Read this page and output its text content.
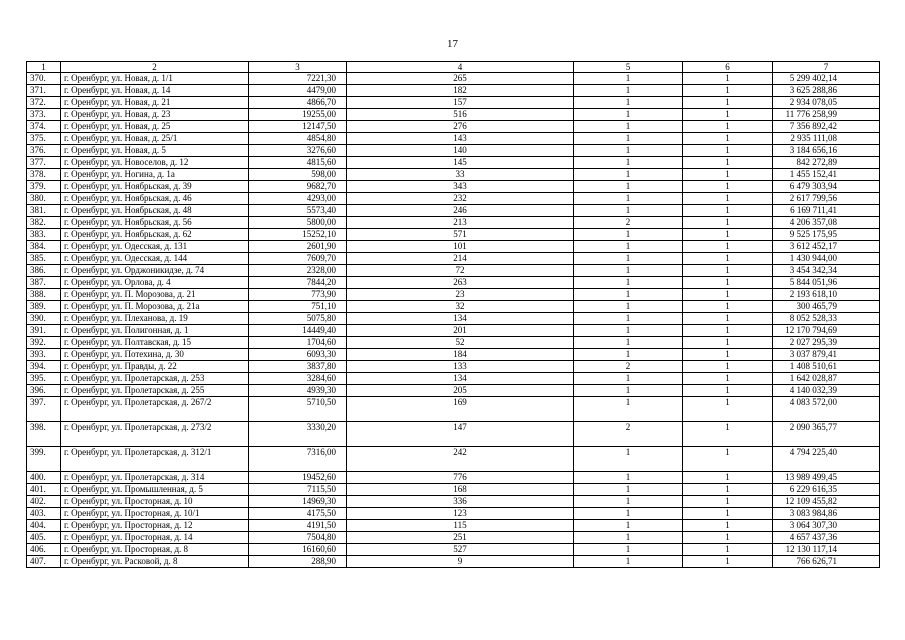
17
1	2	3	4	5	6	7
370.	г. Оренбург, ул. Новая, д. 1/1	7221,30	265	1	1	5 299 402,14
371.	г. Оренбург, ул. Новая, д. 14	4479,00	182	1	1	3 625 288,86
372.	г. Оренбург, ул. Новая, д. 21	4866,70	157	1	1	2 934 078,05
373.	г. Оренбург, ул. Новая, д. 23	19255,00	516	1	1	11 776 258,99
374.	г. Оренбург, ул. Новая, д. 25	12147,50	276	1	1	7 356 892,42
375.	г. Оренбург, ул. Новая, д. 25/1	4854,80	143	1	1	2 935 111,08
376.	г. Оренбург, ул. Новая, д. 5	3276,60	140	1	1	3 184 656,16
377.	г. Оренбург, ул. Новоселов, д. 12	4815,60	145	1	1	842 272,89
378.	г. Оренбург, ул. Ногина, д. 1а	598,00	33	1	1	1 455 152,41
379.	г. Оренбург, ул. Ноябрьская, д. 39	9682,70	343	1	1	6 479 303,94
380.	г. Оренбург, ул. Ноябрьская, д. 46	4293,00	232	1	1	2 617 799,56
381.	г. Оренбург, ул. Ноябрьская, д. 48	5573,40	246	1	1	6 169 711,41
382.	г. Оренбург, ул. Ноябрьская, д. 56	5800,00	213	2	1	4 206 357,08
383.	г. Оренбург, ул. Ноябрьская, д. 62	15252,10	571	1	1	9 525 175,95
384.	г. Оренбург, ул. Одесская, д. 131	2601,90	101	1	1	3 612 452,17
385.	г. Оренбург, ул. Одесская, д. 144	7609,70	214	1	1	1 430 944,00
386.	г. Оренбург, ул. Орджоникидзе, д. 74	2328,00	72	1	1	3 454 342,34
387.	г. Оренбург, ул. Орлова, д. 4	7844,20	263	1	1	5 844 051,96
388.	г. Оренбург, ул. П. Морозова, д. 21	773,90	23	1	1	2 193 618,10
389.	г. Оренбург, ул. П. Морозова, д. 21а	751,10	32	1	1	300 465,79
390.	г. Оренбург, ул. Плеханова, д. 19	5075,80	134	1	1	8 052 528,33
391.	г. Оренбург, ул. Полигонная, д. 1	14449,40	201	1	1	12 170 794,69
392.	г. Оренбург, ул. Полтавская, д. 15	1704,60	52	1	1	2 027 295,39
393.	г. Оренбург, ул. Потехина, д. 30	6093,30	184	1	1	3 037 879,41
394.	г. Оренбург, ул. Правды, д. 22	3837,80	133	2	1	1 408 510,61
395.	г. Оренбург, ул. Пролетарская, д. 253	3284,60	134	1	1	1 642 028,87
396.	г. Оренбург, ул. Пролетарская, д. 255	4939,30	205	1	1	4 140 032,39
397.	г. Оренбург, ул. Пролетарская, д. 267/2	5710,50	169	1	1	4 083 572,00
398.	г. Оренбург, ул. Пролетарская, д. 273/2	3330,20	147	2	1	2 090 365,77
399.	г. Оренбург, ул. Пролетарская, д. 312/1	7316,00	242	1	1	4 794 225,40
400.	г. Оренбург, ул. Пролетарская, д. 314	19452,60	776	1	1	13 989 499,45
401.	г. Оренбург, ул. Промышленная, д. 5	7115,50	168	1	1	6 229 616,35
402.	г. Оренбург, ул. Просторная, д. 10	14969,30	336	1	1	12 109 455,82
403.	г. Оренбург, ул. Просторная, д. 10/1	4175,50	123	1	1	3 083 984,86
404.	г. Оренбург, ул. Просторная, д. 12	4191,50	115	1	1	3 064 307,30
405.	г. Оренбург, ул. Просторная, д. 14	7504,80	251	1	1	4 657 437,36
406.	г. Оренбург, ул. Просторная, д. 8	16160,60	527	1	1	12 130 117,14
407.	г. Оренбург, ул. Расковой, д. 8	288,90	9	1	1	766 626,71
